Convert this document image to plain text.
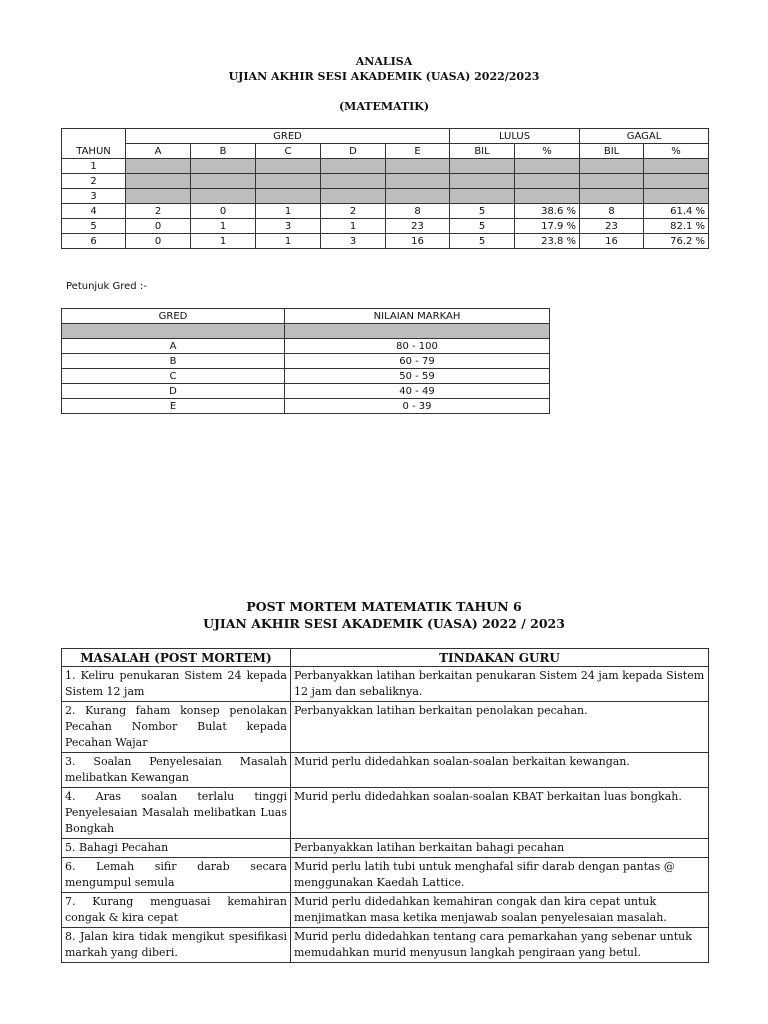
ANALISA
UJIAN AKHIR SESI AKADEMIK (UASA) 2022/2023
(MATEMATIK)
TAHUN	GRED					LULUS		GAGAL	
	A	B	C	D	E	BIL	%	BIL	%
1									
2									
3									
4	2	0	1	2	8	5	38.6 %	8	61.4 %
5	0	1	3	1	23	5	17.9 %	23	82.1 %
6	0	1	1	3	16	5	23.8 %	16	76.2 %
Petunjuk Gred :-
GRED	NILAIAN MARKAH

A	80 - 100
B	60 - 79
C	50 - 59
D	40 - 49
E	0 - 39
POST MORTEM MATEMATIK TAHUN 6
UJIAN AKHIR SESI AKADEMIK (UASA) 2022 / 2023
MASALAH (POST MORTEM)	TINDAKAN GURU
1. Keliru penukaran Sistem 24 kepada Sistem 12 jam	Perbanyakkan latihan berkaitan penukaran Sistem 24 jam kepada Sistem 12 jam dan sebaliknya.
2. Kurang faham konsep penolakan Pecahan Nombor Bulat kepada Pecahan Wajar	Perbanyakkan latihan berkaitan penolakan pecahan.
3. Soalan Penyelesaian Masalah melibatkan Kewangan	Murid perlu didedahkan soalan-soalan berkaitan kewangan.
4. Aras soalan terlalu tinggi Penyelesaian Masalah melibatkan Luas Bongkah	Murid perlu didedahkan soalan-soalan KBAT berkaitan luas bongkah.
5. Bahagi Pecahan	Perbanyakkan latihan berkaitan bahagi pecahan
6. Lemah sifir darab secara mengumpul semula	Murid perlu latih tubi untuk menghafal sifir darab dengan pantas @ menggunakan Kaedah Lattice.
7. Kurang menguasai kemahiran congak & kira cepat	Murid perlu didedahkan kemahiran congak dan kira cepat untuk menjimatkan masa ketika menjawab soalan penyelesaian masalah.
8. Jalan kira tidak mengikut spesifikasi markah yang diberi.	Murid perlu didedahkan tentang cara pemarkahan yang sebenar untuk memudahkan murid menyusun langkah pengiraan yang betul.
